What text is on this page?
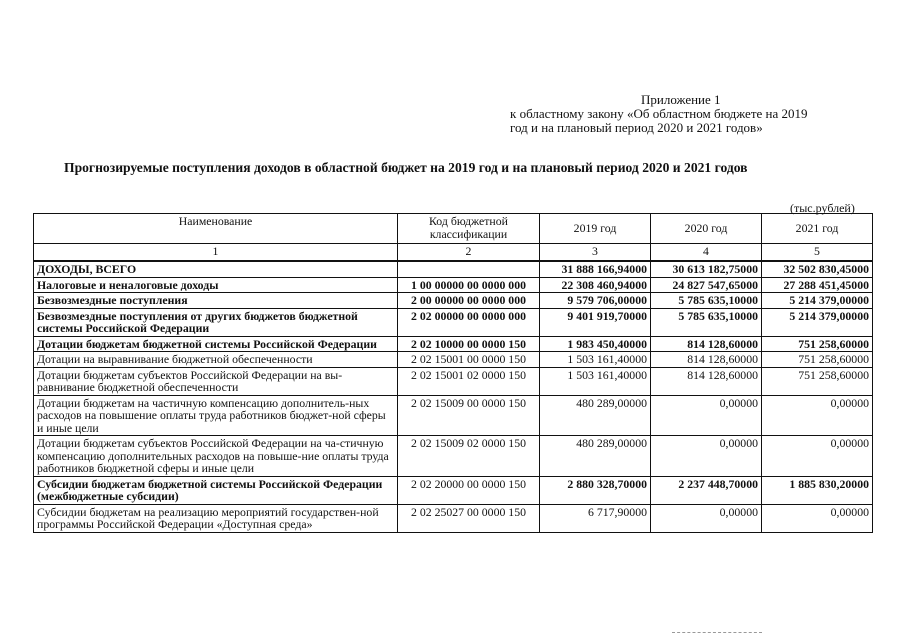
Приложение 1
к областному закону «Об областном бюджете на 2019
год и на плановый период 2020 и 2021 годов»
Прогнозируемые поступления доходов в областной бюджет на 2019 год и на плановый период 2020 и 2021 годов
(тыс.рублей)
Наименование	Код бюджетной классификации	2019 год	2020 год	2021 год
1	2	3	4	5
ДОХОДЫ, ВСЕГО		31 888 166,94000	30 613 182,75000	32 502 830,45000
Налоговые и неналоговые доходы	1 00 00000 00 0000 000	22 308 460,94000	24 827 547,65000	27 288 451,45000
Безвозмездные поступления	2 00 00000 00 0000 000	9 579 706,00000	5 785 635,10000	5 214 379,00000
Безвозмездные поступления от других бюджетов бюджетной системы Российской Федерации	2 02 00000 00 0000 000	9 401 919,70000	5 785 635,10000	5 214 379,00000
Дотации бюджетам бюджетной системы Российской Федерации	2 02 10000 00 0000 150	1 983 450,40000	814 128,60000	751 258,60000
Дотации на выравнивание бюджетной обеспеченности	2 02 15001 00 0000 150	1 503 161,40000	814 128,60000	751 258,60000
Дотации бюджетам субъектов Российской Федерации на вы-равнивание бюджетной обеспеченности	2 02 15001 02 0000 150	1 503 161,40000	814 128,60000	751 258,60000
Дотации бюджетам на частичную компенсацию дополнитель-ных расходов на повышение оплаты труда работников бюджет-ной сферы и иные цели	2 02 15009 00 0000 150	480 289,00000	0,00000	0,00000
Дотации бюджетам субъектов Российской Федерации на ча-стичную компенсацию дополнительных расходов на повыше-ние оплаты труда работников бюджетной сферы и иные цели	2 02 15009 02 0000 150	480 289,00000	0,00000	0,00000
Субсидии бюджетам бюджетной системы Российской Федерации (межбюджетные субсидии)	2 02 20000 00 0000 150	2 880 328,70000	2 237 448,70000	1 885 830,20000
Субсидии бюджетам на реализацию мероприятий государствен-ной программы Российской Федерации «Доступная среда»	2 02 25027 00 0000 150	6 717,90000	0,00000	0,00000
